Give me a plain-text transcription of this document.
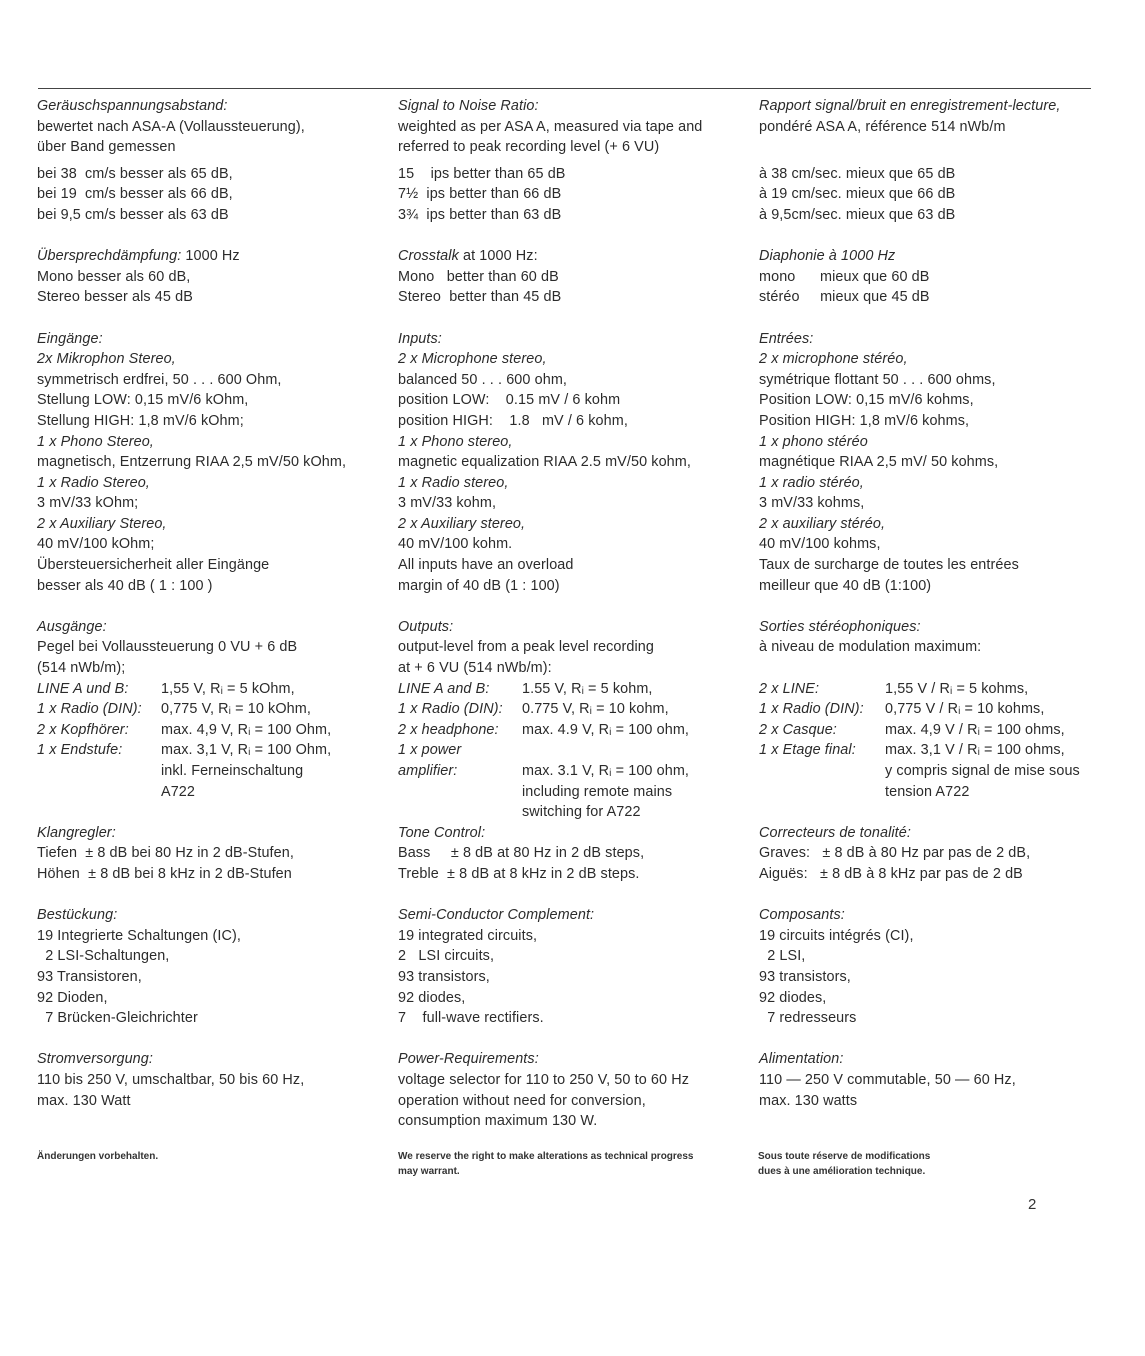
Geräuschspannungsabstand:
bewertet nach ASA-A (Vollaussteuerung),
über Band gemessen
bei 38  cm/s besser als 65 dB,
bei 19  cm/s besser als 66 dB,
bei 9,5 cm/s besser als 63 dB
Übersprechdämpfung: 1000 Hz
Mono besser als 60 dB,
Stereo besser als 45 dB
Eingänge:
2x Mikrophon Stereo,
symmetrisch erdfrei, 50 . . . 600 Ohm,
Stellung LOW: 0,15 mV/6 kOhm,
Stellung HIGH: 1,8 mV/6 kOhm;
1 x Phono Stereo,
magnetisch, Entzerrung RIAA 2,5 mV/50 kOhm,
1 x Radio Stereo,
3 mV/33 kOhm;
2 x Auxiliary Stereo,
40 mV/100 kOhm;
Übersteuersicherheit aller Eingänge
besser als 40 dB ( 1 : 100 )
Ausgänge:
Pegel bei Vollaussteuerung 0 VU + 6 dB
(514 nWb/m);
LINE A und B:	1,55 V, Rᵢ = 5 kOhm,
1 x Radio (DIN):	0,775 V, Rᵢ = 10 kOhm,
2 x Kopfhörer:	max. 4,9 V, Rᵢ = 100 Ohm,
1 x Endstufe:	max. 3,1 V, Rᵢ = 100 Ohm,
inkl. Ferneinschaltung
A722
Klangregler:
Tiefen  ± 8 dB bei 80 Hz in 2 dB-Stufen,
Höhen  ± 8 dB bei 8 kHz in 2 dB-Stufen
Bestückung:
19 Integrierte Schaltungen (IC),
2 LSI-Schaltungen,
93 Transistoren,
92 Dioden,
7 Brücken-Gleichrichter
Stromversorgung:
110 bis 250 V, umschaltbar, 50 bis 60 Hz,
max. 130 Watt
Signal to Noise Ratio:
weighted as per ASA A, measured via tape and
referred to peak recording level (+ 6 VU)
15    ips better than 65 dB
7½  ips better than 66 dB
3¾  ips better than 63 dB
Crosstalk at 1000 Hz:
Mono   better than 60 dB
Stereo  better than 45 dB
Inputs:
2 x Microphone stereo,
balanced 50 . . . 600 ohm,
position LOW:    0.15 mV / 6 kohm
position HIGH:    1.8   mV / 6 kohm,
1 x Phono stereo,
magnetic equalization RIAA 2.5 mV/50 kohm,
1 x Radio stereo,
3 mV/33 kohm,
2 x Auxiliary stereo,
40 mV/100 kohm.
All inputs have an overload
margin of 40 dB (1 : 100)
Outputs:
output-level from a peak level recording
at + 6 VU (514 nWb/m):
LINE A and B:	1.55 V, Rᵢ = 5 kohm,
1 x Radio (DIN):	0.775 V, Rᵢ = 10 kohm,
2 x headphone:	max. 4.9 V, Rᵢ = 100 ohm,
1 x power
amplifier:	max. 3.1 V, Rᵢ = 100 ohm,
including remote mains
switching for A722
Tone Control:
Bass     ± 8 dB at 80 Hz in 2 dB steps,
Treble  ± 8 dB at 8 kHz in 2 dB steps.
Semi-Conductor Complement:
19 integrated circuits,
2   LSI circuits,
93 transistors,
92 diodes,
7    full-wave rectifiers.
Power-Requirements:
voltage selector for 110 to 250 V, 50 to 60 Hz
operation without need for conversion,
consumption maximum 130 W.
Rapport signal/bruit en enregistrement-lecture,
pondéré ASA A, référence 514 nWb/m
à 38 cm/sec. mieux que 65 dB
à 19 cm/sec. mieux que 66 dB
à 9,5cm/sec. mieux que 63 dB
Diaphonie à 1000 Hz
mono      mieux que 60 dB
stéréo     mieux que 45 dB
Entrées:
2 x microphone stéréo,
symétrique flottant 50 . . . 600 ohms,
Position LOW: 0,15 mV/6 kohms,
Position HIGH: 1,8 mV/6 kohms,
1 x phono stéréo
magnétique RIAA 2,5 mV/ 50 kohms,
1 x radio stéréo,
3 mV/33 kohms,
2 x auxiliary stéréo,
40 mV/100 kohms,
Taux de surcharge de toutes les entrées
meilleur que 40 dB (1:100)
Sorties stéréophoniques:
à niveau de modulation maximum:
2 x LINE:	1,55 V / Rᵢ = 5 kohms,
1 x Radio (DIN):	0,775 V / Rᵢ = 10 kohms,
2 x Casque:	max. 4,9 V / Rᵢ = 100 ohms,
1 x Etage final:	max. 3,1 V / Rᵢ = 100 ohms,
y compris signal de mise sous
tension A722
Correcteurs de tonalité:
Graves:   ± 8 dB à 80 Hz par pas de 2 dB,
Aiguës:   ± 8 dB à 8 kHz par pas de 2 dB
Composants:
19 circuits intégrés (CI),
2 LSI,
93 transistors,
92 diodes,
7 redresseurs
Alimentation:
110 — 250 V commutable, 50 — 60 Hz,
max. 130 watts
Änderungen vorbehalten.	We reserve the right to make alterations as technical progress
may warrant.
Sous toute réserve de modifications
dues à une amélioration technique.
2
